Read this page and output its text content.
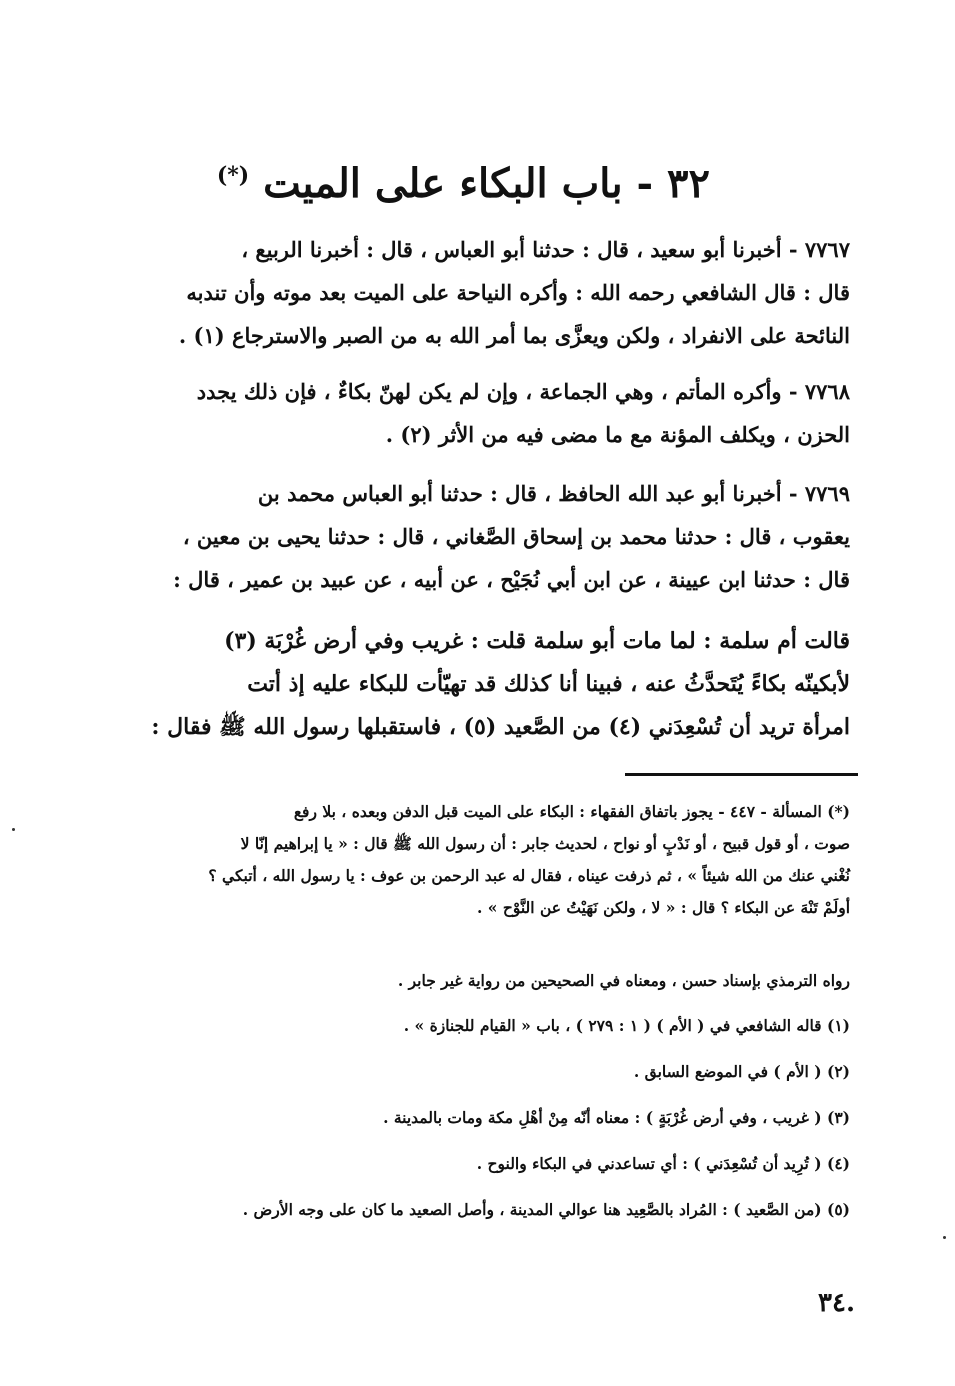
٣٢ - باب البكاء على الميت (*)

٧٧٦٧ - أخبرنا أبو سعيد ، قال : حدثنا أبو العباس ، قال : أخبرنا الربيع ،
قال : قال الشافعي رحمه الله : وأكره النياحة على الميت بعد موته وأن تندبه
النائحة على الانفراد ، ولكن ويعزَّى بما أمر الله به من الصبر والاسترجاع (١) .

٧٧٦٨ - وأكره المأتم ، وهي الجماعة ، وإن لم يكن لهنّ بكاءٌ ، فإن ذلك يجدد
الحزن ، ويكلف المؤنة مع ما مضى فيه من الأثر (٢) .

٧٧٦٩ - أخبرنا أبو عبد الله الحافظ ، قال : حدثنا أبو العباس محمد بن
يعقوب ، قال : حدثنا محمد بن إسحاق الصَّغاني ، قال : حدثنا يحيى بن معين ،
قال : حدثنا ابن عيينة ، عن ابن أبي نُجَيْح ، عن أبيه ، عن عبيد بن عمير ، قال :

قالت أم سلمة : لما مات أبو سلمة قلت : غريب وفي أرض غُرْبَة (٣)
لأبكينّه بكاءً يُتَحدَّثُ عنه ، فبينا أنا كذلك قد تهيّأت للبكاء عليه إذ أتت
امرأة تريد أن تُسْعِدَني (٤) من الصَّعيد (٥) ، فاستقبلها رسول الله ﷺ فقال :

(*) المسألة - ٤٤٧ - يجوز باتفاق الفقهاء : البكاء على الميت قبل الدفن وبعده ، بلا رفع
صوت ، أو قول قبيح ، أو نَدْبٍ أو نواح ، لحديث جابر : أن رسول الله ﷺ قال : « يا إبراهيم إنّا لا
نُغْني عنك من الله شيئاً » ، ثم ذرفت عيناه ، فقال له عبد الرحمن بن عوف : يا رسول الله ، أتبكي ؟
أولَمْ تَنْهَ عن البكاء ؟ قال : « لا ، ولكن نَهَيْتُ عن النَّوْح » .
رواه الترمذي بإسناد حسن ، ومعناه في الصحيحين من رواية غير جابر .
(١) قاله الشافعي في ( الأم ) ( ١ : ٢٧٩ ) ، باب « القيام للجنازة » .
(٢) ( الأم ) في الموضع السابق .
(٣) ( غريب ، وفي أرض غُرْبَةٍ ) : معناه أنّه مِنْ أهْلِ مكة ومات بالمدينة .
(٤) ( تُرِيد أن تُسْعِدَني ) : أي تساعدني في البكاء والنوح .
(٥) (من الصَّعيد ) : المُراد بالصَّعِيد هنا عوالي المدينة ، وأصل الصعيد ما كان على وجه الأرض .
٣٤.
